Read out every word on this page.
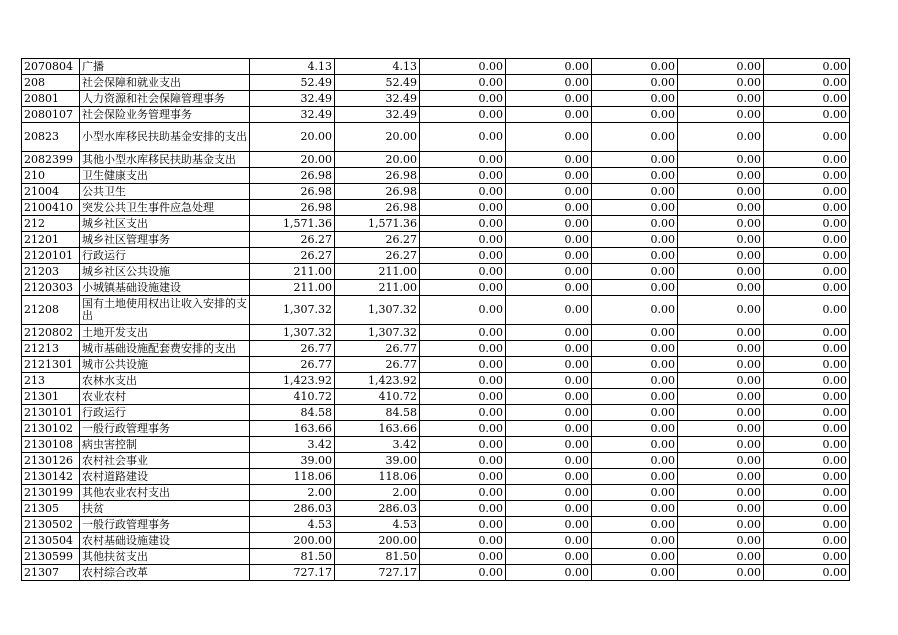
2070804	广播	4.13	4.13	0.00	0.00	0.00	0.00	0.00
208	社会保障和就业支出	52.49	52.49	0.00	0.00	0.00	0.00	0.00
20801	人力资源和社会保障管理事务	32.49	32.49	0.00	0.00	0.00	0.00	0.00
2080107	社会保险业务管理事务	32.49	32.49	0.00	0.00	0.00	0.00	0.00
20823	小型水库移民扶助基金安排的支出	20.00	20.00	0.00	0.00	0.00	0.00	0.00
2082399	其他小型水库移民扶助基金支出	20.00	20.00	0.00	0.00	0.00	0.00	0.00
210	卫生健康支出	26.98	26.98	0.00	0.00	0.00	0.00	0.00
21004	公共卫生	26.98	26.98	0.00	0.00	0.00	0.00	0.00
2100410	突发公共卫生事件应急处理	26.98	26.98	0.00	0.00	0.00	0.00	0.00
212	城乡社区支出	1,571.36	1,571.36	0.00	0.00	0.00	0.00	0.00
21201	城乡社区管理事务	26.27	26.27	0.00	0.00	0.00	0.00	0.00
2120101	行政运行	26.27	26.27	0.00	0.00	0.00	0.00	0.00
21203	城乡社区公共设施	211.00	211.00	0.00	0.00	0.00	0.00	0.00
2120303	小城镇基础设施建设	211.00	211.00	0.00	0.00	0.00	0.00	0.00
21208	国有土地使用权出让收入安排的支出	1,307.32	1,307.32	0.00	0.00	0.00	0.00	0.00
2120802	土地开发支出	1,307.32	1,307.32	0.00	0.00	0.00	0.00	0.00
21213	城市基础设施配套费安排的支出	26.77	26.77	0.00	0.00	0.00	0.00	0.00
2121301	城市公共设施	26.77	26.77	0.00	0.00	0.00	0.00	0.00
213	农林水支出	1,423.92	1,423.92	0.00	0.00	0.00	0.00	0.00
21301	农业农村	410.72	410.72	0.00	0.00	0.00	0.00	0.00
2130101	行政运行	84.58	84.58	0.00	0.00	0.00	0.00	0.00
2130102	一般行政管理事务	163.66	163.66	0.00	0.00	0.00	0.00	0.00
2130108	病虫害控制	3.42	3.42	0.00	0.00	0.00	0.00	0.00
2130126	农村社会事业	39.00	39.00	0.00	0.00	0.00	0.00	0.00
2130142	农村道路建设	118.06	118.06	0.00	0.00	0.00	0.00	0.00
2130199	其他农业农村支出	2.00	2.00	0.00	0.00	0.00	0.00	0.00
21305	扶贫	286.03	286.03	0.00	0.00	0.00	0.00	0.00
2130502	一般行政管理事务	4.53	4.53	0.00	0.00	0.00	0.00	0.00
2130504	农村基础设施建设	200.00	200.00	0.00	0.00	0.00	0.00	0.00
2130599	其他扶贫支出	81.50	81.50	0.00	0.00	0.00	0.00	0.00
21307	农村综合改革	727.17	727.17	0.00	0.00	0.00	0.00	0.00
